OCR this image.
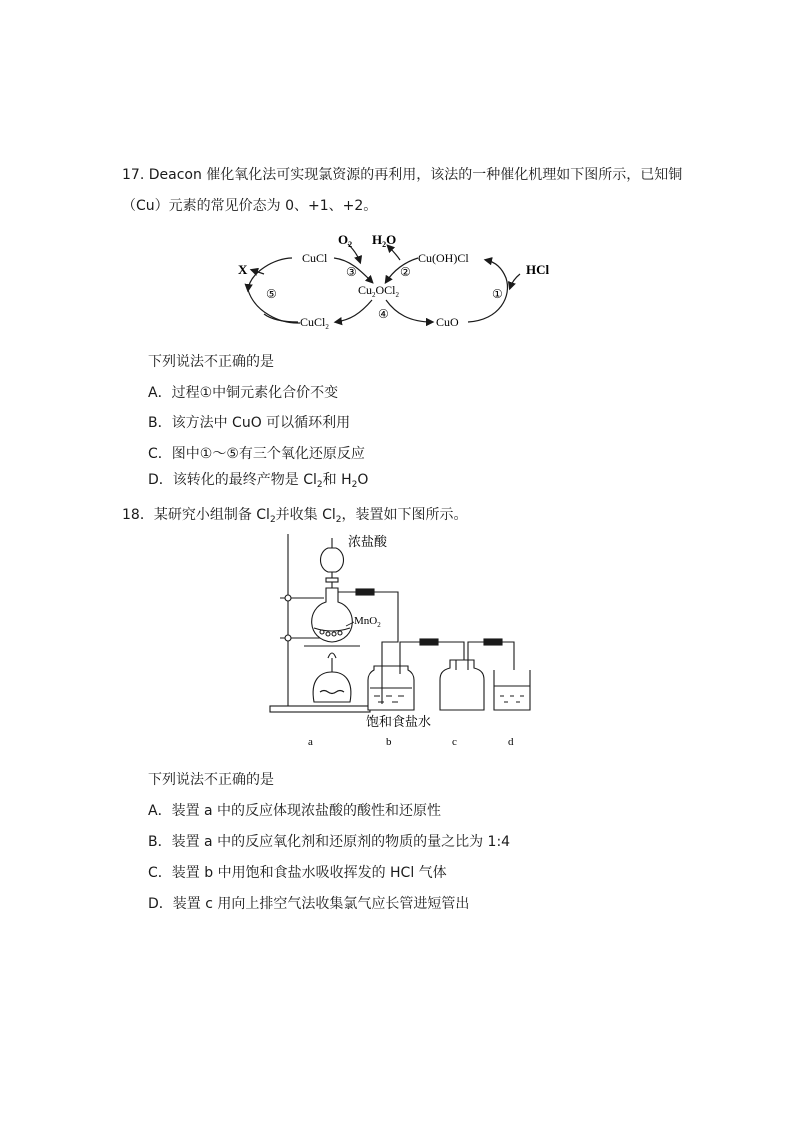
17. Deacon 催化氧化法可实现氯资源的再利用，该法的一种催化机理如下图所示，已知铜
（Cu）元素的常见价态为 0、+1、+2。
$O_2$ $H_2O$
CuCl	Cu(OH)Cl
HCl
X
$Cu_2OCl_2$
CuCl$_2$	CuO
①
②
③
④
⑤
下列说法不正确的是
A．过程①中铜元素化合价不变
B．该方法中 CuO 可以循环利用
C．图中①～⑤有三个氧化还原反应
D．该转化的最终产物是 $Cl_2$和 $H_2O$
18．某研究小组制备 $Cl_2$并收集 $Cl_2$，装置如下图所示。
浓盐酸
MnO$_2$
饱和食盐水
a	b	c	d
下列说法不正确的是
A．装置 a 中的反应体现浓盐酸的酸性和还原性
B．装置 a 中的反应氧化剂和还原剂的物质的量之比为 1:4
C．装置 b 中用饱和食盐水吸收挥发的 HCl 气体
D．装置 c 用向上排空气法收集氯气应长管进短管出
